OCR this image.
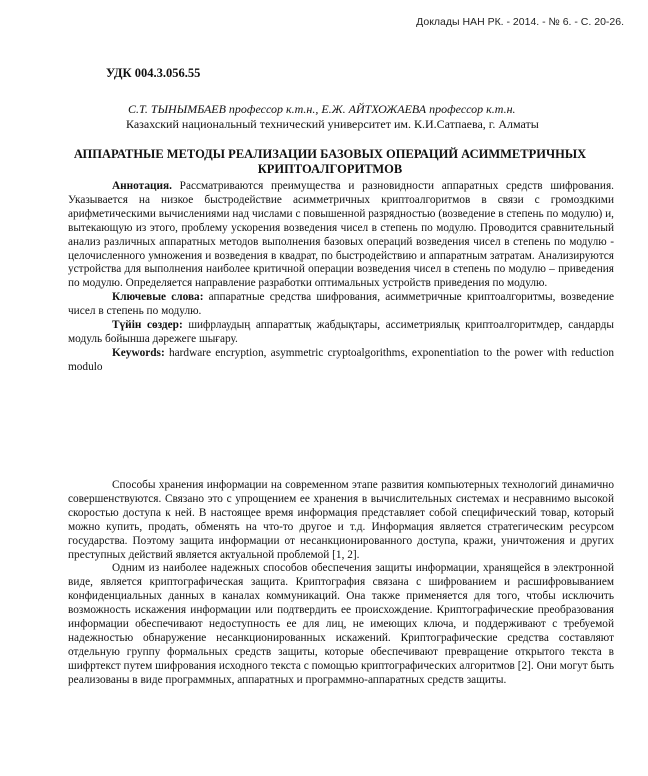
Доклады НАН РК. - 2014. - № 6. - С. 20-26.
УДК 004.3.056.55
С.Т. ТЫНЫМБАЕВ профессор к.т.н., Е.Ж. АЙТХОЖАЕВА профессор к.т.н.
Казахский национальный технический университет им. К.И.Сатпаева, г. Алматы
АППАРАТНЫЕ МЕТОДЫ РЕАЛИЗАЦИИ БАЗОВЫХ ОПЕРАЦИЙ АСИММЕТРИЧНЫХ КРИПТОАЛГОРИТМОВ

Аннотация. Рассматриваются преимущества и разновидности аппаратных средств шифрования. Указывается на низкое быстродействие асимметричных криптоалгоритмов в связи с громоздкими арифметическими вычислениями над числами с повышенной разрядностью (возведение в степень по модулю) и, вытекающую из этого, проблему ускорения возведения чисел в степень по модулю. Проводится сравнительный анализ различных аппаратных методов выполнения базовых операций возведения чисел в степень по модулю - целочисленного умножения и возведения в квадрат, по быстродействию и аппаратным затратам. Анализируются устройства для выполнения наиболее критичной операции возведения чисел в степень по модулю – приведения по модулю. Определяется направление разработки оптимальных устройств приведения по модулю.

Ключевые слова: аппаратные средства шифрования, асимметричные криптоалгоритмы, возведение чисел в степень по модулю.

Түйін сөздер: шифрлаудың аппараттық жабдықтары, ассиметриялық криптоалгоритмдер, сандарды модуль бойынша дәрежеге шығару.

Keywords: hardware encryption, asymmetric cryptoalgorithms, exponentiation to the power with reduction modulo

Способы хранения информации на современном этапе развития компьютерных технологий динамично совершенствуются. Связано это с упрощением ее хранения в вычислительных системах и несравнимо высокой скоростью доступа к ней. В настоящее время информация представляет собой специфический товар, который можно купить, продать, обменять на что-то другое и т.д. Информация является стратегическим ресурсом государства. Поэтому защита информации от несанкционированного доступа, кражи, уничтожения и других преступных действий является актуальной проблемой [1, 2].

Одним из наиболее надежных способов обеспечения защиты информации, хранящейся в электронной виде, является криптографическая защита. Криптография связана с шифрованием и расшифровыванием конфиденциальных данных в каналах коммуникаций. Она также применяется для того, чтобы исключить возможность искажения информации или подтвердить ее происхождение. Криптографические преобразования информации обеспечивают недоступность ее для лиц, не имеющих ключа, и поддерживают с требуемой надежностью обнаружение несанкционированных искажений. Криптографические средства составляют отдельную группу формальных средств защиты, которые обеспечивают превращение открытого текста в шифртекст путем шифрования исходного текста с помощью криптографических алгоритмов [2]. Они могут быть реализованы в виде программных, аппаратных и программно-аппаратных средств защиты.
